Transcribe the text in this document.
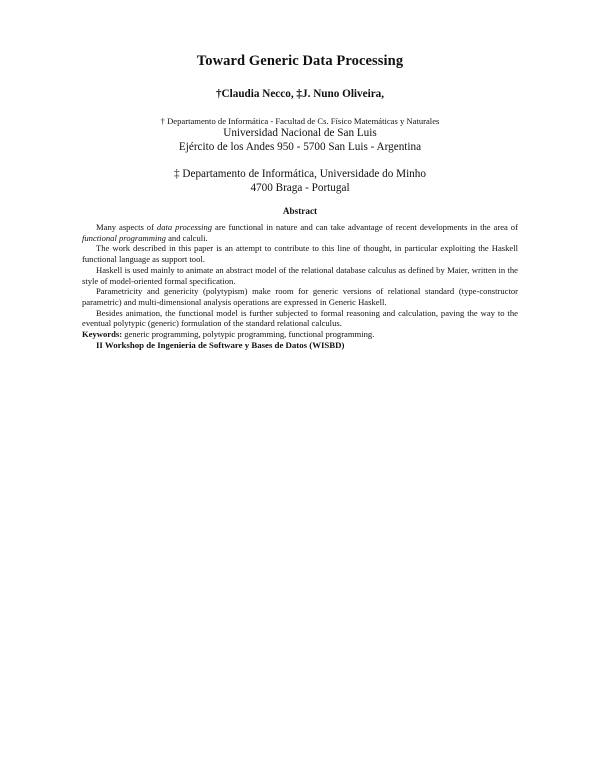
Toward Generic Data Processing
†Claudia Necco, ‡J. Nuno Oliveira,
† Departamento de Informática - Facultad de Cs. Físico Matemáticas y Naturales
Universidad Nacional de San Luis
Ejército de los Andes 950 - 5700 San Luis - Argentina
‡ Departamento de Informática, Universidade do Minho
4700 Braga - Portugal
Abstract

Many aspects of data processing are functional in nature and can take advantage of recent developments in the area of functional programming and calculi.

The work described in this paper is an attempt to contribute to this line of thought, in particular exploiting the Haskell functional language as support tool.

Haskell is used mainly to animate an abstract model of the relational database calculus as defined by Maier, written in the style of model-oriented formal specification.

Parametricity and genericity (polytypism) make room for generic versions of relational standard (type-constructor parametric) and multi-dimensional analysis operations are expressed in Generic Haskell.

Besides animation, the functional model is further subjected to formal reasoning and calculation, paving the way to the eventual polytypic (generic) formulation of the standard relational calculus.

Keywords: generic programming, polytypic programming, functional programming.

II Workshop de Ingenieria de Software y Bases de Datos (WISBD)
